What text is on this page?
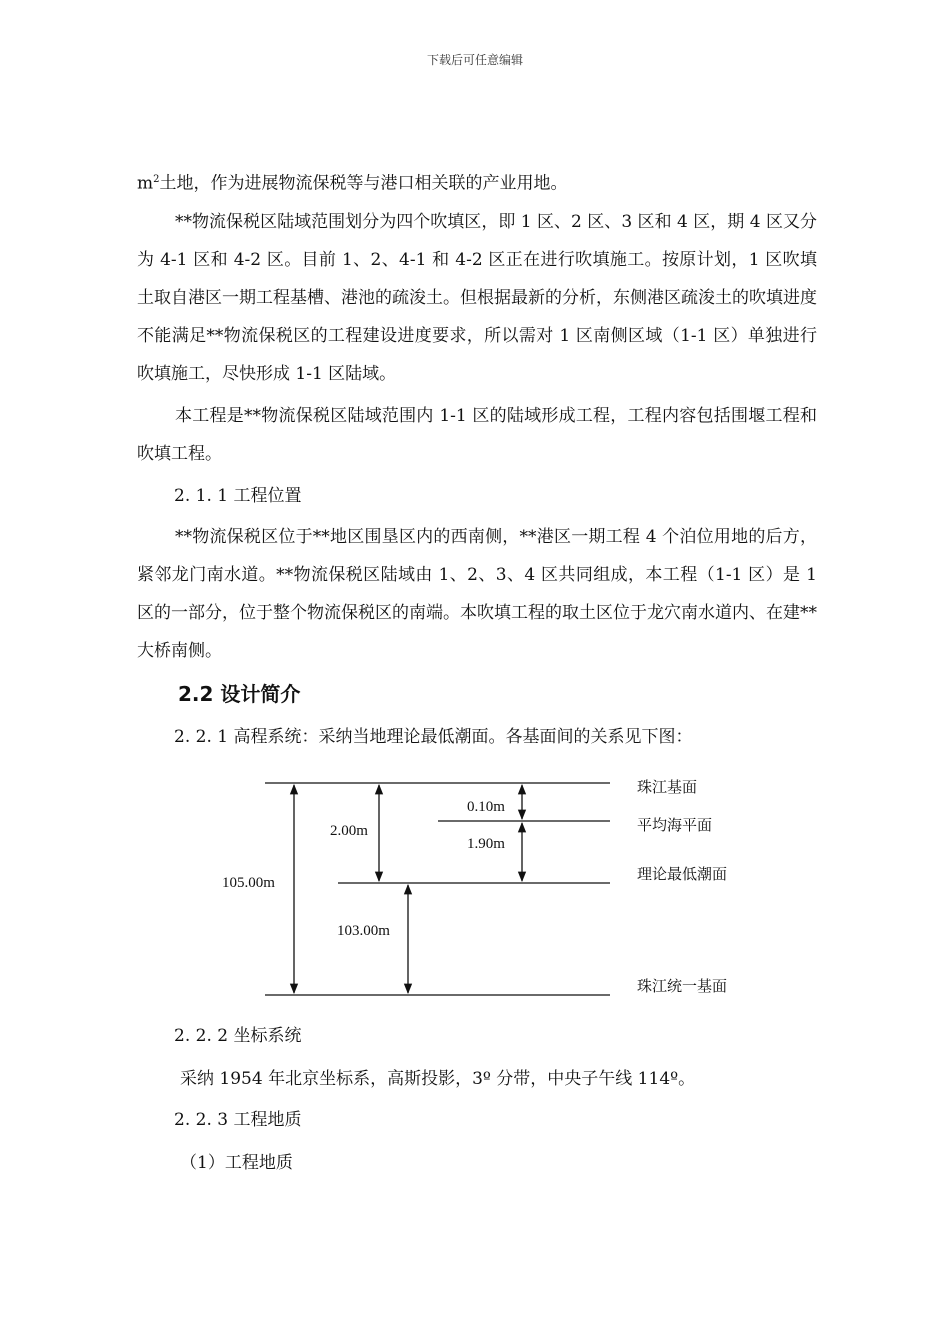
下载后可任意编辑

$m^2$土地，作为进展物流保税等与港口相关联的产业用地。

**物流保税区陆域范围划分为四个吹填区，即 1 区、2 区、3 区和 4 区，期 4 区又分为 4-1 区和 4-2 区。目前 1、2、4-1 和 4-2 区正在进行吹填施工。按原计划，1 区吹填土取自港区一期工程基槽、港池的疏浚土。但根据最新的分析，东侧港区疏浚土的吹填进度不能满足**物流保税区的工程建设进度要求，所以需对 1 区南侧区域（1-1 区）单独进行吹填施工，尽快形成 1-1 区陆域。

本工程是**物流保税区陆域范围内 1-1 区的陆域形成工程，工程内容包括围堰工程和吹填工程。

2. 1. 1 工程位置

**物流保税区位于**地区围垦区内的西南侧，**港区一期工程 4 个泊位用地的后方，紧邻龙门南水道。**物流保税区陆域由 1、2、3、4 区共同组成，本工程（1-1 区）是 1 区的一部分，位于整个物流保税区的南端。本吹填工程的取土区位于龙穴南水道内、在建**大桥南侧。

2.2 设计简介

2. 2. 1 高程系统：采纳当地理论最低潮面。各基面间的关系见下图：

0.10m
1.90m
2.00m
103.00m
105.00m
珠江基面
平均海平面
理论最低潮面
珠江统一基面

2. 2. 2 坐标系统

采纳 1954 年北京坐标系，高斯投影，3º 分带，中央子午线 114º。

2. 2. 3 工程地质

（1）工程地质
